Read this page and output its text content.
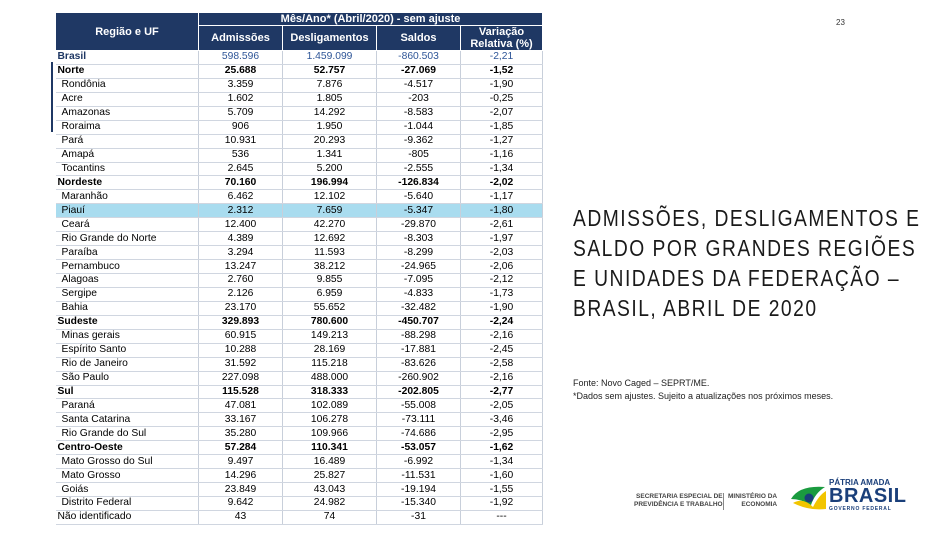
23
Região e UF	Mês/Ano* (Abril/2020) - sem ajuste			
	Admissões	Desligamentos	Saldos	Variação Relativa (%)
Brasil	598.596	1.459.099	-860.503	-2,21
Norte	25.688	52.757	-27.069	-1,52
Rondônia	3.359	7.876	-4.517	-1,90
Acre	1.602	1.805	-203	-0,25
Amazonas	5.709	14.292	-8.583	-2,07
Roraima	906	1.950	-1.044	-1,85
Pará	10.931	20.293	-9.362	-1,27
Amapá	536	1.341	-805	-1,16
Tocantins	2.645	5.200	-2.555	-1,34
Nordeste	70.160	196.994	-126.834	-2,02
Maranhão	6.462	12.102	-5.640	-1,17
Piauí	2.312	7.659	-5.347	-1,80
Ceará	12.400	42.270	-29.870	-2,61
Rio Grande do Norte	4.389	12.692	-8.303	-1,97
Paraíba	3.294	11.593	-8.299	-2,03
Pernambuco	13.247	38.212	-24.965	-2,06
Alagoas	2.760	9.855	-7.095	-2,12
Sergipe	2.126	6.959	-4.833	-1,73
Bahia	23.170	55.652	-32.482	-1,90
Sudeste	329.893	780.600	-450.707	-2,24
Minas gerais	60.915	149.213	-88.298	-2,16
Espírito Santo	10.288	28.169	-17.881	-2,45
Rio de Janeiro	31.592	115.218	-83.626	-2,58
São Paulo	227.098	488.000	-260.902	-2,16
Sul	115.528	318.333	-202.805	-2,77
Paraná	47.081	102.089	-55.008	-2,05
Santa Catarina	33.167	106.278	-73.111	-3,46
Rio Grande do Sul	35.280	109.966	-74.686	-2,95
Centro-Oeste	57.284	110.341	-53.057	-1,62
Mato Grosso do Sul	9.497	16.489	-6.992	-1,34
Mato Grosso	14.296	25.827	-11.531	-1,60
Goiás	23.849	43.043	-19.194	-1,55
Distrito Federal	9.642	24.982	-15.340	-1,92
Não identificado	43	74	-31	---
ADMISSÕES, DESLIGAMENTOS E
SALDO POR GRANDES REGIÕES
E UNIDADES DA FEDERAÇÃO –
BRASIL, ABRIL DE 2020
Fonte: Novo Caged – SEPRT/ME.
*Dados sem ajustes. Sujeito a atualizações nos próximos meses.
SECRETARIA ESPECIAL DE
PREVIDÊNCIA E TRABALHO
MINISTÉRIO DA
ECONOMIA
PÁTRIA AMADA
BRASIL
GOVERNO FEDERAL
